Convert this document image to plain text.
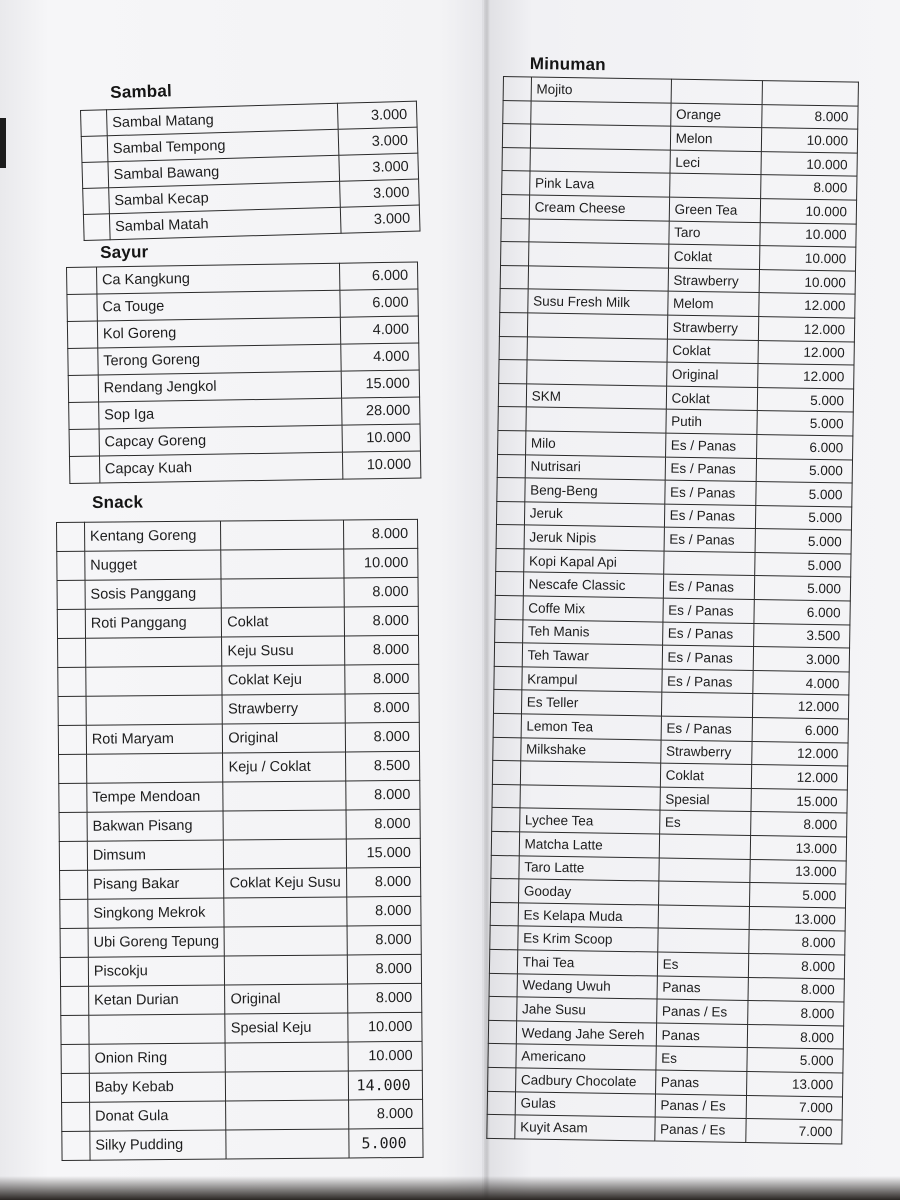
Sambal
	Sambal Matang	3.000
	Sambal Tempong	3.000
	Sambal Bawang	3.000
	Sambal Kecap	3.000
	Sambal Matah	3.000
Sayur
	Ca Kangkung	6.000
	Ca Touge	6.000
	Kol Goreng	4.000
	Terong Goreng	4.000
	Rendang Jengkol	15.000
	Sop Iga	28.000
	Capcay Goreng	10.000
	Capcay Kuah	10.000
Snack
	Kentang Goreng		8.000
	Nugget		10.000
	Sosis Panggang		8.000
	Roti Panggang	Coklat	8.000
		Keju Susu	8.000
		Coklat Keju	8.000
		Strawberry	8.000
	Roti Maryam	Original	8.000
		Keju / Coklat	8.500
	Tempe Mendoan		8.000
	Bakwan Pisang		8.000
	Dimsum		15.000
	Pisang Bakar	Coklat Keju Susu	8.000
	Singkong Mekrok		8.000
	Ubi Goreng Tepung		8.000
	Piscokju		8.000
	Ketan Durian	Original	8.000
		Spesial Keju	10.000
	Onion Ring		10.000
	Baby Kebab		14.000
	Donat Gula		8.000
	Silky Pudding		5.000
Minuman
	Mojito		
		Orange	8.000
		Melon	10.000
		Leci	10.000
	Pink Lava		8.000
	Cream Cheese	Green Tea	10.000
		Taro	10.000
		Coklat	10.000
		Strawberry	10.000
	Susu Fresh Milk	Melom	12.000
		Strawberry	12.000
		Coklat	12.000
		Original	12.000
	SKM	Coklat	5.000
		Putih	5.000
	Milo	Es / Panas	6.000
	Nutrisari	Es / Panas	5.000
	Beng-Beng	Es / Panas	5.000
	Jeruk	Es / Panas	5.000
	Jeruk Nipis	Es / Panas	5.000
	Kopi Kapal Api		5.000
	Nescafe Classic	Es / Panas	5.000
	Coffe Mix	Es / Panas	6.000
	Teh Manis	Es / Panas	3.500
	Teh Tawar	Es / Panas	3.000
	Krampul	Es / Panas	4.000
	Es Teller		12.000
	Lemon Tea	Es / Panas	6.000
	Milkshake	Strawberry	12.000
		Coklat	12.000
		Spesial	15.000
	Lychee Tea	Es	8.000
	Matcha Latte		13.000
	Taro Latte		13.000
	Gooday		5.000
	Es Kelapa Muda		13.000
	Es Krim Scoop		8.000
	Thai Tea	Es	8.000
	Wedang Uwuh	Panas	8.000
	Jahe Susu	Panas / Es	8.000
	Wedang Jahe Sereh	Panas	8.000
	Americano	Es	5.000
	Cadbury Chocolate	Panas	13.000
	Gulas	Panas / Es	7.000
	Kuyit Asam	Panas / Es	7.000
